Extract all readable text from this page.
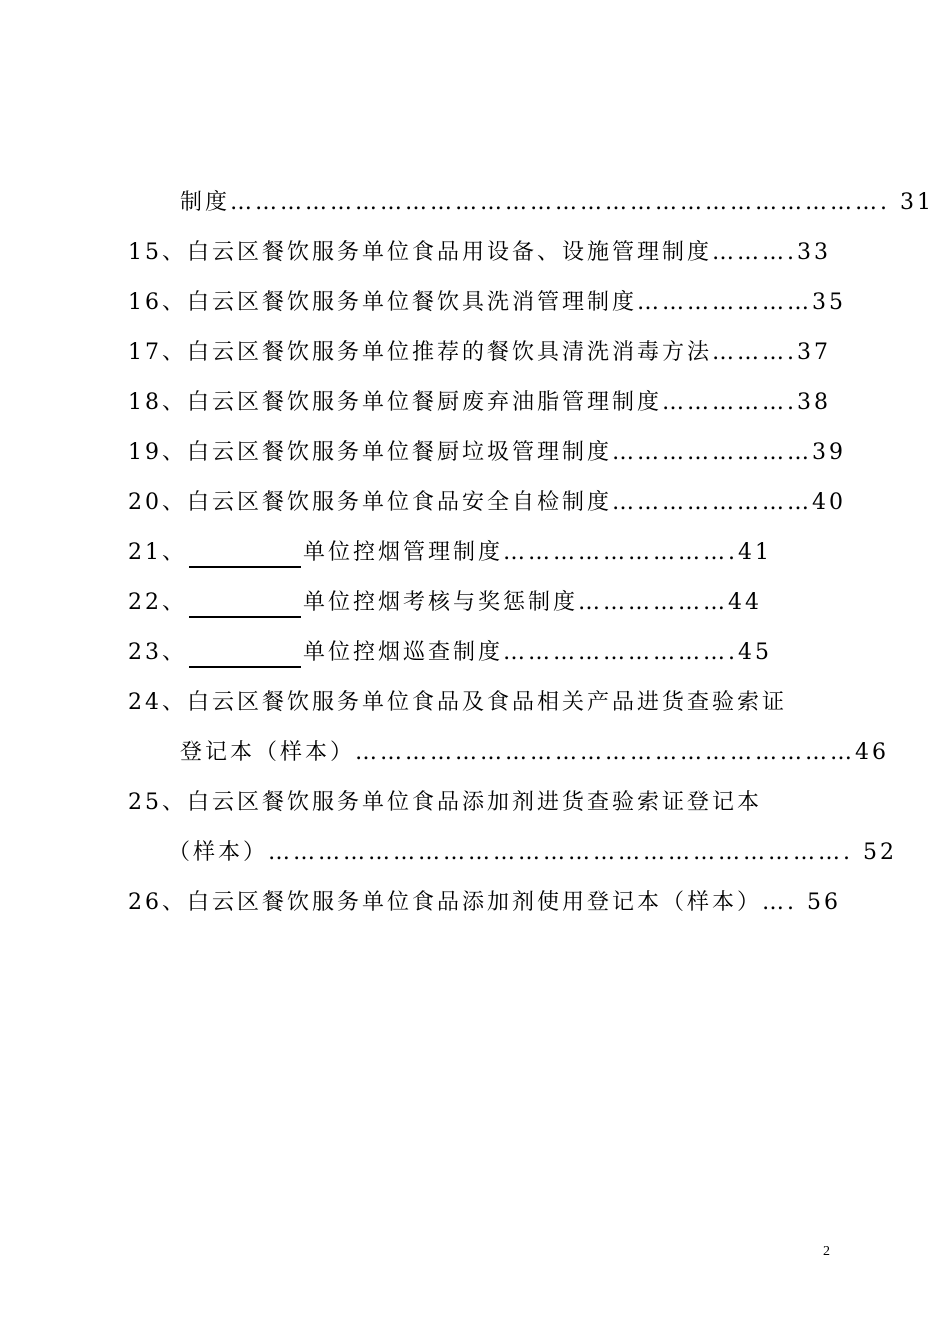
制度……………………………………………………………………. 31
15、白云区餐饮服务单位食品用设备、设施管理制度……….33
16、白云区餐饮服务单位餐饮具洗消管理制度…………………35
17、白云区餐饮服务单位推荐的餐饮具清洗消毒方法……….37
18、白云区餐饮服务单位餐厨废弃油脂管理制度…………….38
19、白云区餐饮服务单位餐厨垃圾管理制度……………………39
20、白云区餐饮服务单位食品安全自检制度……………………40
21、	单位控烟管理制度……………………….41
22、	单位控烟考核与奖惩制度………………44
23、	单位控烟巡查制度……………………….45
24、白云区餐饮服务单位食品及食品相关产品进货查验索证
登记本（样本）……………………………………………………46
25、白云区餐饮服务单位食品添加剂进货查验索证登记本
（样本）……………………………………………………………. 52
26、白云区餐饮服务单位食品添加剂使用登记本（样本）…. 56
2
